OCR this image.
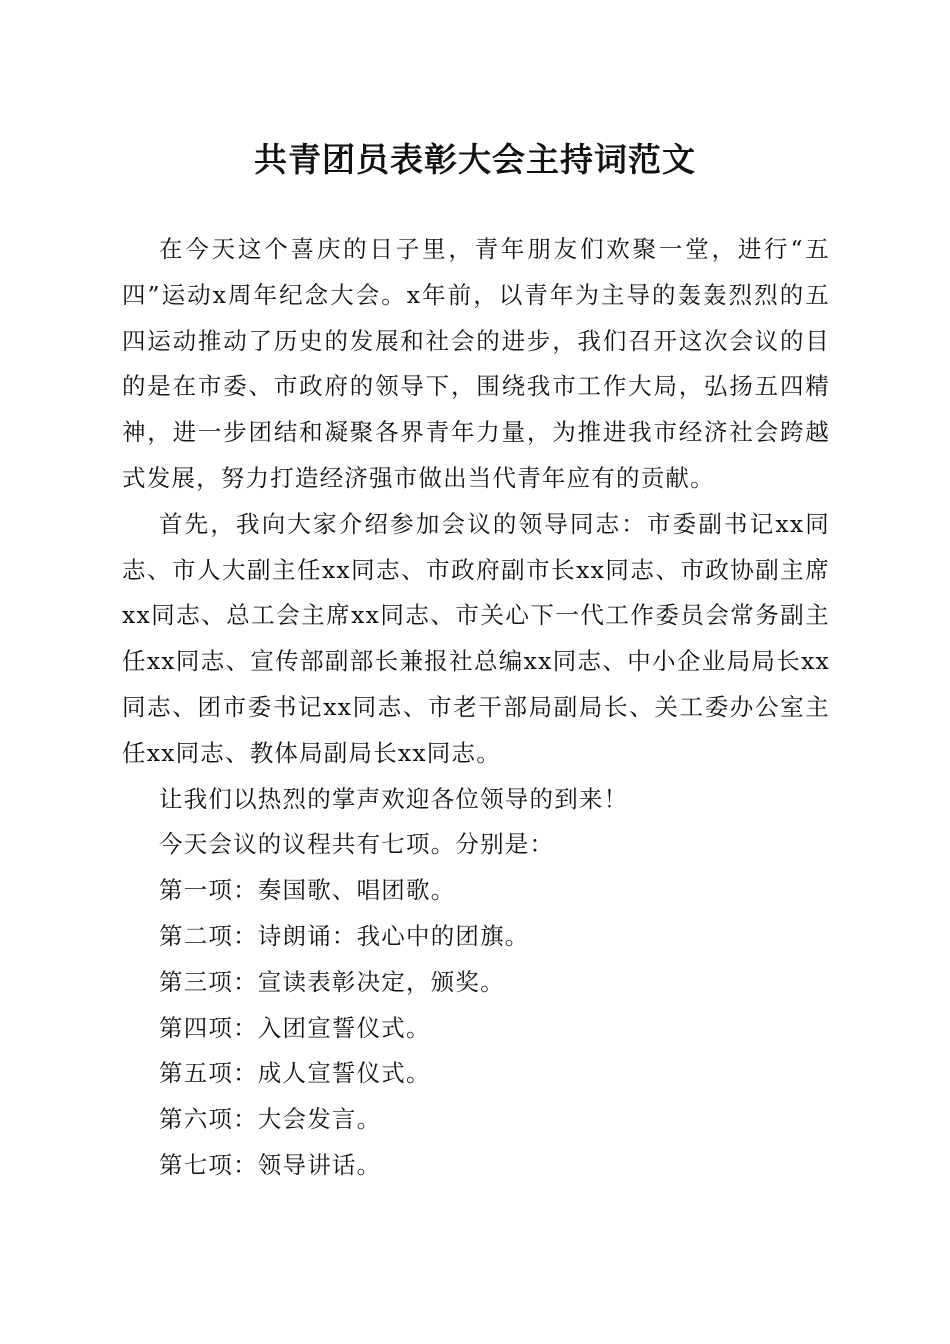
共青团员表彰大会主持词范文

在今天这个喜庆的日子里，青年朋友们欢聚一堂，进行“五四”运动x周年纪念大会。x年前，以青年为主导的轰轰烈烈的五四运动推动了历史的发展和社会的进步，我们召开这次会议的目的是在市委、市政府的领导下，围绕我市工作大局，弘扬五四精神，进一步团结和凝聚各界青年力量，为推进我市经济社会跨越式发展，努力打造经济强市做出当代青年应有的贡献。

首先，我向大家介绍参加会议的领导同志：市委副书记xx同志、市人大副主任xx同志、市政府副市长xx同志、市政协副主席xx同志、总工会主席xx同志、市关心下一代工作委员会常务副主任xx同志、宣传部副部长兼报社总编xx同志、中小企业局局长xx同志、团市委书记xx同志、市老干部局副局长、关工委办公室主任xx同志、教体局副局长xx同志。

让我们以热烈的掌声欢迎各位领导的到来！

今天会议的议程共有七项。分别是：

第一项：奏国歌、唱团歌。

第二项：诗朗诵：我心中的团旗。

第三项：宣读表彰决定，颁奖。

第四项：入团宣誓仪式。

第五项：成人宣誓仪式。

第六项：大会发言。

第七项：领导讲话。
